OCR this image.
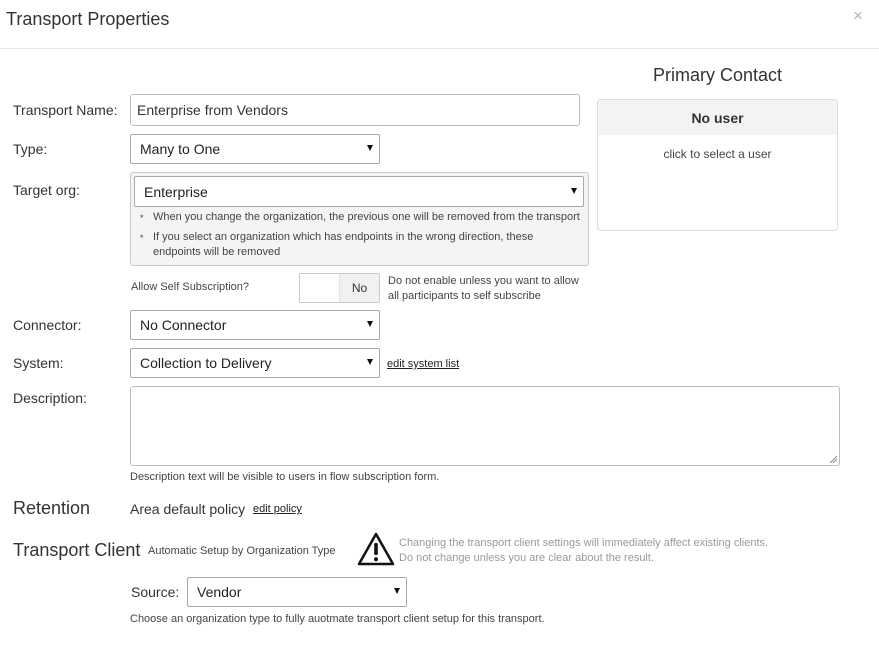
Transport Properties	×
Transport Name: Enterprise from Vendors
Type:	Many to One
Target org:	Enterprise
* When you change the organization, the previous one will be removed from the transport
* If you select an organization which has endpoints in the wrong direction, these endpoints will be removed
Allow Self Subscription?	No	Do not enable unless you want to allow
all participants to self subscribe
Connector:	No Connector
System:	Collection to Delivery	edit system list
Description:
Description text will be visible to users in flow subscription form.
Retention	Area default policy edit policy
Transport Client Automatic Setup by Organization Type
Changing the transport client settings will immediately affect existing clients.
Do not change unless you are clear about the result.
Source: Vendor
Choose an organization type to fully auotmate transport client setup for this transport.
Primary Contact
No user
click to select a user
